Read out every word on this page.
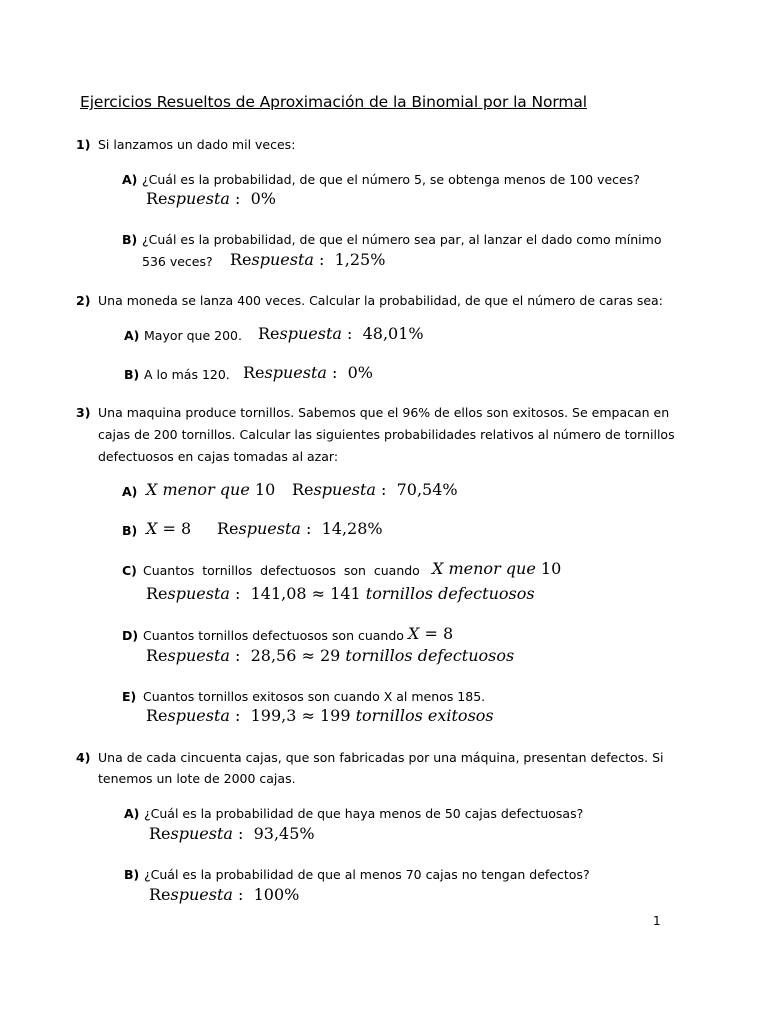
Ejercicios Resueltos de Aproximación de la Binomial por la Normal
1) Si lanzamos un dado mil veces:
A) ¿Cuál es la probabilidad, de que el número 5, se obtenga menos de 100 veces?
Respuesta : 0%
B) ¿Cuál es la probabilidad, de que el número sea par, al lanzar el dado como mínimo
536 veces? Respuesta : 1,25%
2) Una moneda se lanza 400 veces. Calcular la probabilidad, de que el número de caras sea:
A) Mayor que 200. Respuesta : 48,01%
B) A lo más 120. Respuesta : 0%
3) Una maquina produce tornillos. Sabemos que el 96% de ellos son exitosos. Se empacan en
cajas de 200 tornillos. Calcular las siguientes probabilidades relativos al número de tornillos
defectuosos en cajas tomadas al azar:
A) X menor que 10 Respuesta : 70,54%
B) X = 8 Respuesta : 14,28%
C) Cuantos  tornillos  defectuosos  son  cuando X menor que 10
Respuesta : 141,08 ≈ 141 tornillos defectuosos
D) Cuantos tornillos defectuosos son cuando X = 8
Respuesta : 28,56 ≈ 29 tornillos defectuosos
E) Cuantos tornillos exitosos son cuando X al menos 185.
Respuesta : 199,3 ≈ 199 tornillos exitosos
4) Una de cada cincuenta cajas, que son fabricadas por una máquina, presentan defectos. Si
tenemos un lote de 2000 cajas.
A) ¿Cuál es la probabilidad de que haya menos de 50 cajas defectuosas?
Respuesta : 93,45%
B) ¿Cuál es la probabilidad de que al menos 70 cajas no tengan defectos?
Respuesta : 100%
1
